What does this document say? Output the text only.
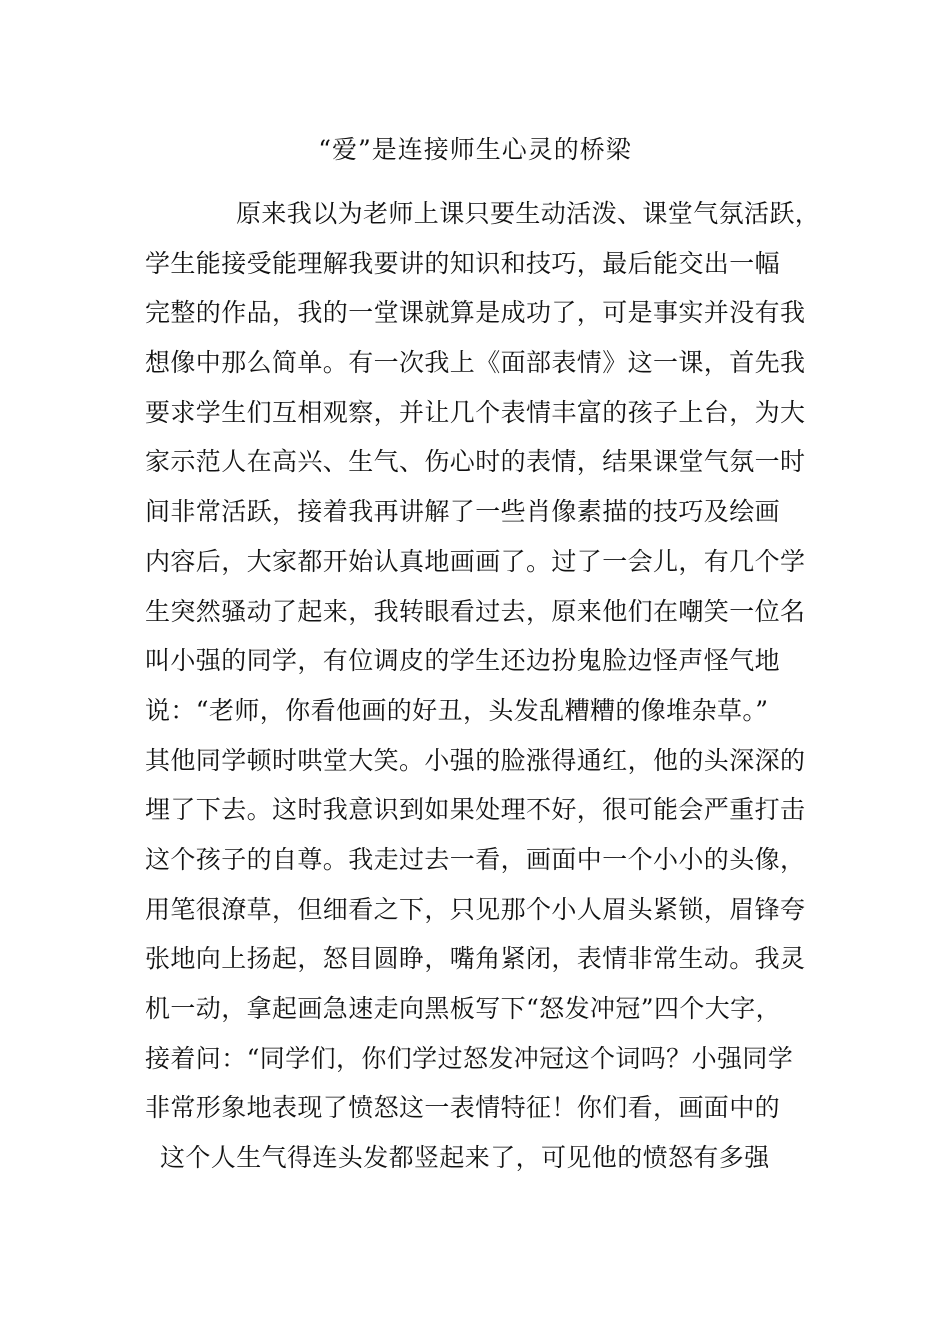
“爱”是连接师生心灵的桥梁
原来我以为老师上课只要生动活泼、课堂气氛活跃，
学生能接受能理解我要讲的知识和技巧，最后能交出一幅
完整的作品，我的一堂课就算是成功了，可是事实并没有我
想像中那么简单。有一次我上《面部表情》这一课，首先我
要求学生们互相观察，并让几个表情丰富的孩子上台，为大
家示范人在高兴、生气、伤心时的表情，结果课堂气氛一时
间非常活跃，接着我再讲解了一些肖像素描的技巧及绘画
内容后，大家都开始认真地画画了。过了一会儿，有几个学
生突然骚动了起来，我转眼看过去，原来他们在嘲笑一位名
叫小强的同学，有位调皮的学生还边扮鬼脸边怪声怪气地
说：“老师，你看他画的好丑，头发乱糟糟的像堆杂草。”
其他同学顿时哄堂大笑。小强的脸涨得通红，他的头深深的
埋了下去。这时我意识到如果处理不好，很可能会严重打击
这个孩子的自尊。我走过去一看，画面中一个小小的头像，
用笔很潦草，但细看之下，只见那个小人眉头紧锁，眉锋夸
张地向上扬起，怒目圆睁，嘴角紧闭，表情非常生动。我灵
机一动，拿起画急速走向黑板写下“怒发冲冠”四个大字，
接着问：“同学们，你们学过怒发冲冠这个词吗？小强同学
非常形象地表现了愤怒这一表情特征！你们看，画面中的
这个人生气得连头发都竖起来了，可见他的愤怒有多强
